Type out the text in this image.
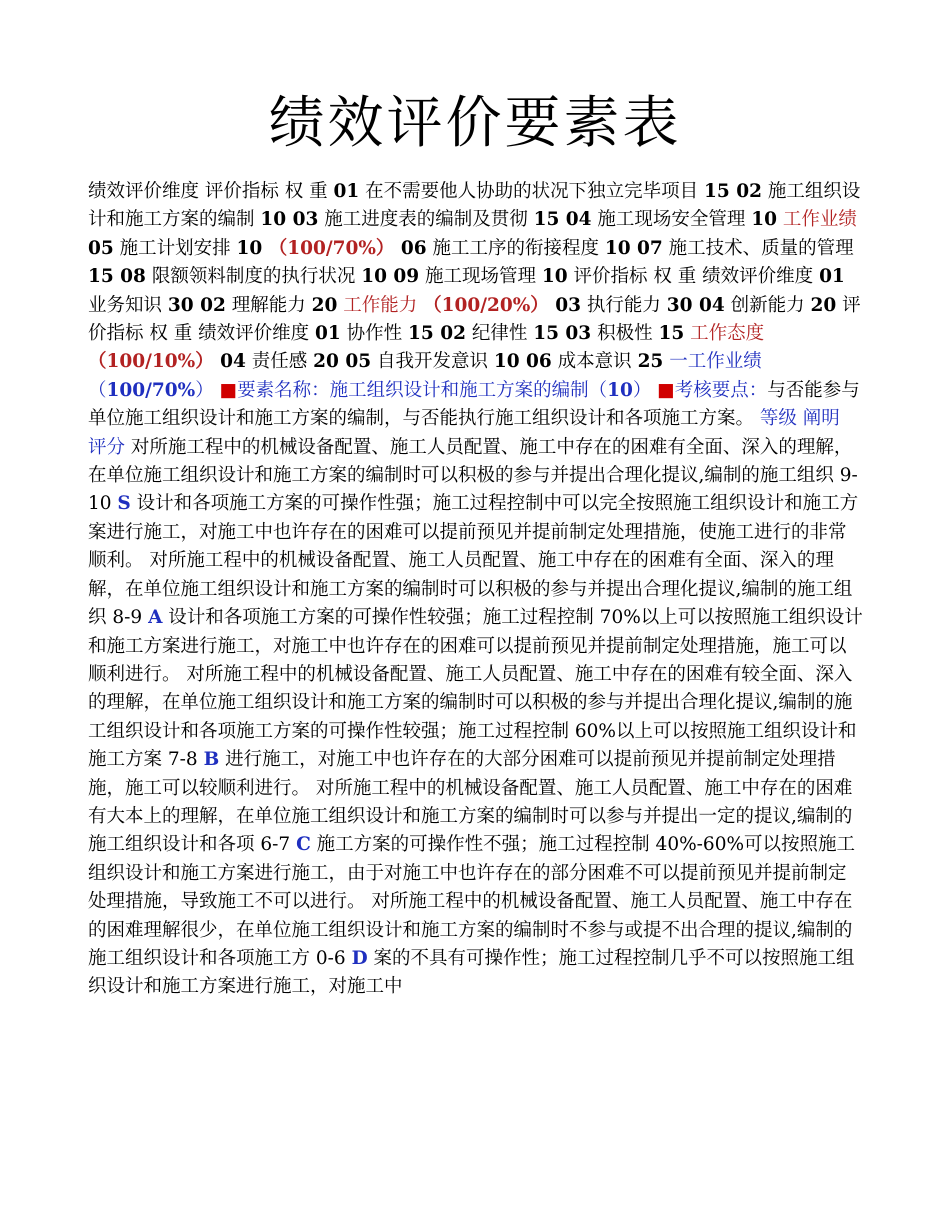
绩效评价要素表

绩效评价维度 评价指标 权 重 01 在不需要他人协助的状况下独立完毕项目 15 02 施工组织设计和施工方案的编制 10 03 施工进度表的编制及贯彻 15 04 施工现场安全管理 10 工作业绩 05 施工计划安排 10 （100/70%） 06 施工工序的衔接程度 10 07 施工技术、质量的管理 15 08 限额领料制度的执行状况 10 09 施工现场管理 10 评价指标 权 重 绩效评价维度 01 业务知识 30 02 理解能力 20 工作能力 （100/20%） 03 执行能力 30 04 创新能力 20 评价指标 权 重 绩效评价维度 01 协作性 15 02 纪律性 15 03 积极性 15 工作态度 （100/10%） 04 责任感 20 05 自我开发意识 10 06 成本意识 25 一工作业绩（100/70%） ■要素名称：施工组织设计和施工方案的编制（10） ■考核要点：与否能参与单位施工组织设计和施工方案的编制，与否能执行施工组织设计和各项施工方案。 等级 阐明 评分 对所施工程中的机械设备配置、施工人员配置、施工中存在的困难有全面、深入的理解，在单位施工组织设计和施工方案的编制时可以积极的参与并提出合理化提议,编制的施工组织 9-10 S 设计和各项施工方案的可操作性强；施工过程控制中可以完全按照施工组织设计和施工方案进行施工，对施工中也许存在的困难可以提前预见并提前制定处理措施，使施工进行的非常顺利。 对所施工程中的机械设备配置、施工人员配置、施工中存在的困难有全面、深入的理解，在单位施工组织设计和施工方案的编制时可以积极的参与并提出合理化提议,编制的施工组织 8-9 A 设计和各项施工方案的可操作性较强；施工过程控制 70%以上可以按照施工组织设计和施工方案进行施工，对施工中也许存在的困难可以提前预见并提前制定处理措施，施工可以顺利进行。 对所施工程中的机械设备配置、施工人员配置、施工中存在的困难有较全面、深入的理解，在单位施工组织设计和施工方案的编制时可以积极的参与并提出合理化提议,编制的施工组织设计和各项施工方案的可操作性较强；施工过程控制 60%以上可以按照施工组织设计和施工方案 7-8 B 进行施工，对施工中也许存在的大部分困难可以提前预见并提前制定处理措施，施工可以较顺利进行。 对所施工程中的机械设备配置、施工人员配置、施工中存在的困难有大本上的理解，在单位施工组织设计和施工方案的编制时可以参与并提出一定的提议,编制的施工组织设计和各项 6-7 C 施工方案的可操作性不强；施工过程控制 40%-60%可以按照施工组织设计和施工方案进行施工，由于对施工中也许存在的部分困难不可以提前预见并提前制定处理措施，导致施工不可以进行。 对所施工程中的机械设备配置、施工人员配置、施工中存在的困难理解很少，在单位施工组织设计和施工方案的编制时不参与或提不出合理的提议,编制的施工组织设计和各项施工方 0-6 D 案的不具有可操作性；施工过程控制几乎不可以按照施工组织设计和施工方案进行施工，对施工中
